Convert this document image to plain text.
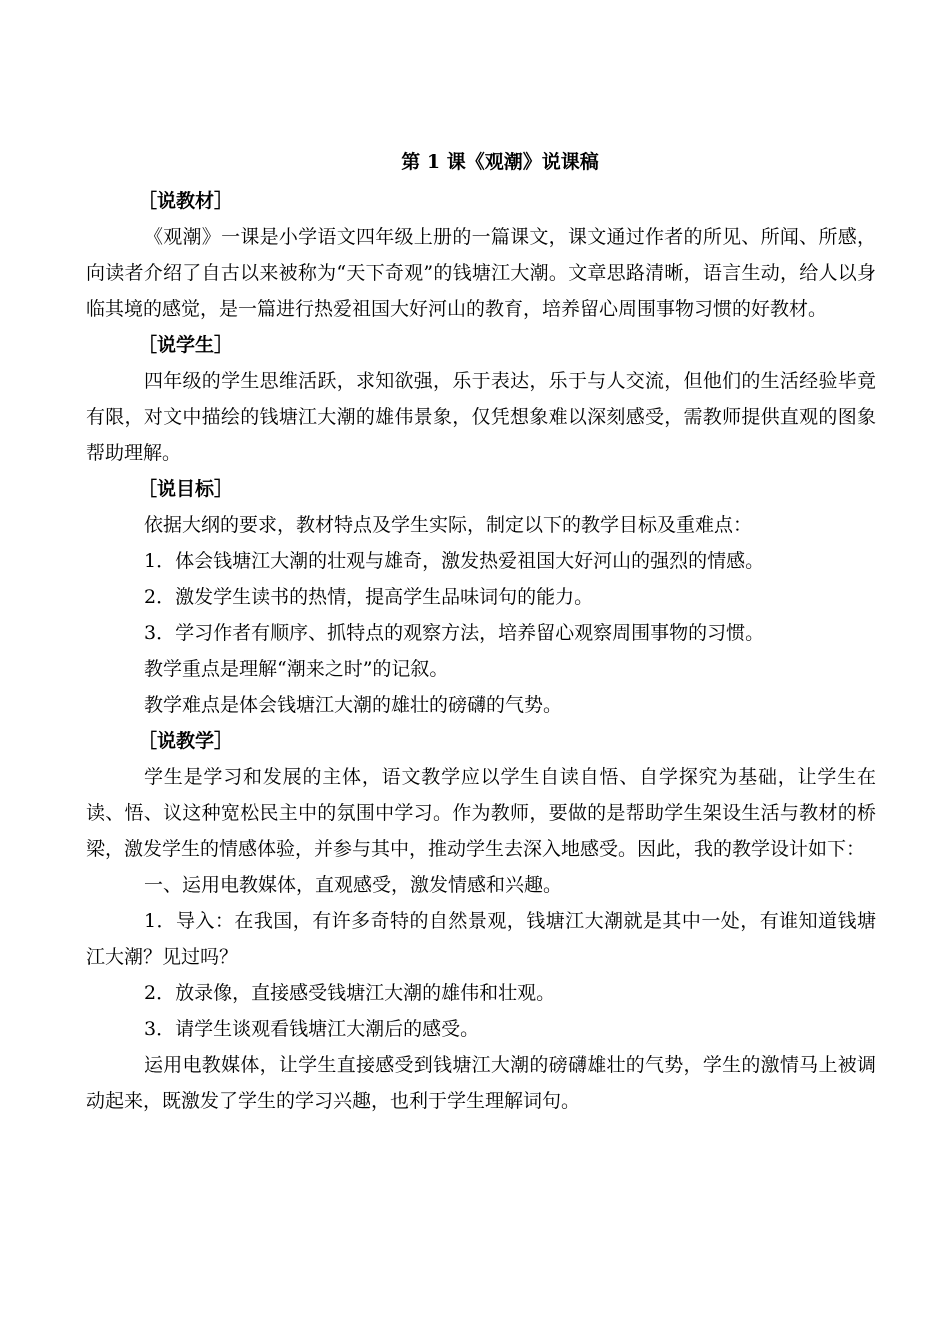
第 1 课《观潮》说课稿

［说教材］

《观潮》一课是小学语文四年级上册的一篇课文，课文通过作者的所见、所闻、所感，向读者介绍了自古以来被称为“天下奇观”的钱塘江大潮。文章思路清晰，语言生动，给人以身临其境的感觉，是一篇进行热爱祖国大好河山的教育，培养留心周围事物习惯的好教材。

［说学生］

四年级的学生思维活跃，求知欲强，乐于表达，乐于与人交流，但他们的生活经验毕竟有限，对文中描绘的钱塘江大潮的雄伟景象，仅凭想象难以深刻感受，需教师提供直观的图象帮助理解。

［说目标］

依据大纲的要求，教材特点及学生实际，制定以下的教学目标及重难点：

1．体会钱塘江大潮的壮观与雄奇，激发热爱祖国大好河山的强烈的情感。

2．激发学生读书的热情，提高学生品味词句的能力。

3．学习作者有顺序、抓特点的观察方法，培养留心观察周围事物的习惯。

教学重点是理解“潮来之时”的记叙。

教学难点是体会钱塘江大潮的雄壮的磅礴的气势。

［说教学］

学生是学习和发展的主体，语文教学应以学生自读自悟、自学探究为基础，让学生在读、悟、议这种宽松民主中的氛围中学习。作为教师，要做的是帮助学生架设生活与教材的桥梁，激发学生的情感体验，并参与其中，推动学生去深入地感受。因此，我的教学设计如下：

一、运用电教媒体，直观感受，激发情感和兴趣。

1．导入：在我国，有许多奇特的自然景观，钱塘江大潮就是其中一处，有谁知道钱塘江大潮？见过吗？

2．放录像，直接感受钱塘江大潮的雄伟和壮观。

3．请学生谈观看钱塘江大潮后的感受。

运用电教媒体，让学生直接感受到钱塘江大潮的磅礴雄壮的气势，学生的激情马上被调动起来，既激发了学生的学习兴趣，也利于学生理解词句。
